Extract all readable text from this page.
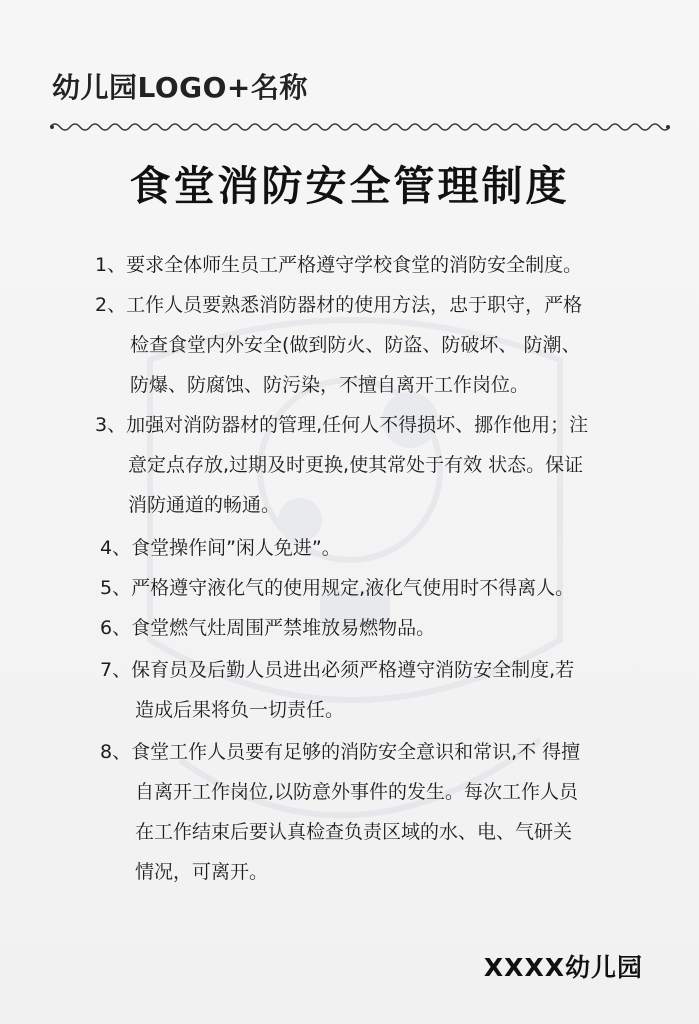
幼儿园LOGO+名称
食堂消防安全管理制度
1、要求全体师生员工严格遵守学校食堂的消防安全制度。
2、工作人员要熟悉消防器材的使用方法，忠于职守，严格
检查食堂内外安全(做到防火、防盗、防破坏、 防潮、
防爆、防腐蚀、防污染，不擅自离开工作岗位。
3、加强对消防器材的管理,任何人不得损坏、挪作他用；注
意定点存放,过期及时更换,使其常处于有效 状态。保证
消防通道的畅通。
4、食堂操作间”闲人免进”。
5、严格遵守液化气的使用规定,液化气使用时不得离人。
6、食堂燃气灶周围严禁堆放易燃物品。
7、保育员及后勤人员进出必须严格遵守消防安全制度,若
造成后果将负一切责任。
8、食堂工作人员要有足够的消防安全意识和常识,不 得擅
自离开工作岗位,以防意外事件的发生。每次工作人员
在工作结束后要认真检查负责区域的水、电、气研关
情况，可离开。
XXXX幼儿园
